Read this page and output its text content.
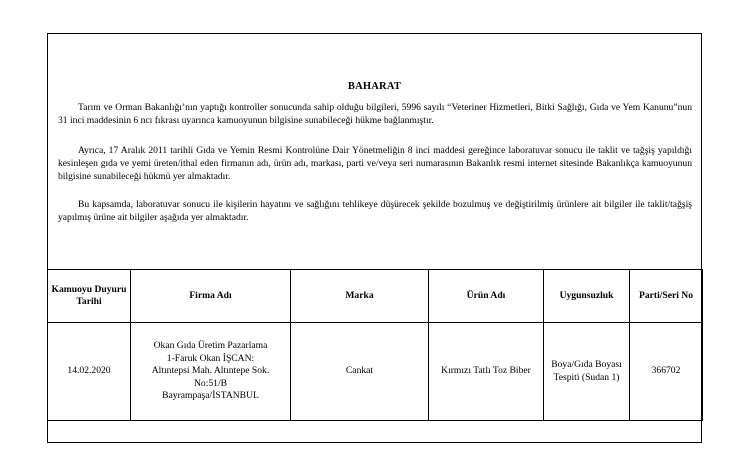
BAHARAT

Tarım ve Orman Bakanlığı’nın yaptığı kontroller sonucunda sahip olduğu bilgileri, 5996 sayılı “Veteriner Hizmetleri, Bitki Sağlığı, Gıda ve Yem Kanunu”nun 31 inci maddesinin 6 ncı fıkrası uyarınca kamuoyunun bilgisine sunabileceği hükme bağlanmıştır.

Ayrıca, 17 Aralık 2011 tarihli Gıda ve Yemin Resmi Kontrolüne Dair Yönetmeliğin 8 inci maddesi gereğince laboratuvar sonucu ile taklit ve tağşiş yapıldığı kesinleşen gıda ve yemi üreten/ithal eden firmanın adı, ürün adı, markası, parti ve/veya seri numarasının Bakanlık resmi internet sitesinde Bakanlıkça kamuoyunun bilgisine sunabileceği hükmü yer almaktadır.

Bu kapsamda, laboratuvar sonucu ile kişilerin hayatını ve sağlığını tehlikeye düşürecek şekilde bozulmuş ve değiştirilmiş ürünlere ait bilgiler ile taklit/tağşiş yapılmış ürüne ait bilgiler aşağıda yer almaktadır.

Kamuoyu Duyuru Tarihi	Firma Adı	Marka	Ürün Adı	Uygunsuzluk	Parti/Seri No
14.02.2020	Okan Gıda Üretim Pazarlama
1-Faruk Okan İŞCAN:
Altıntepsi Mah. Altıntepe Sok.
No:51/B
Bayrampaşa/İSTANBUL	Cankat	Kırmızı Tatlı Toz Biber	Boya/Gıda Boyası Tespiti (Sudan 1)	366702
